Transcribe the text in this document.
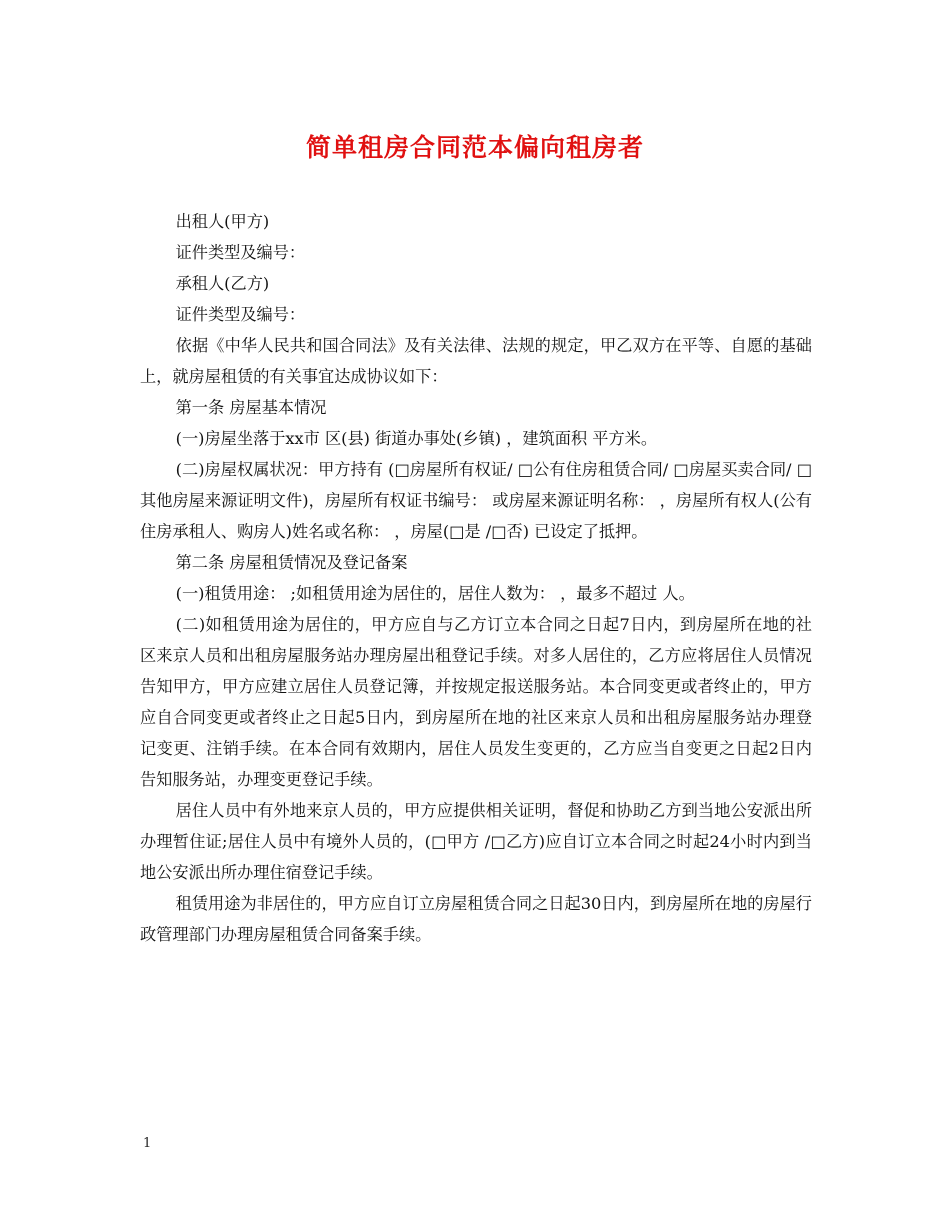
简单租房合同范本偏向租房者

出租人(甲方)

证件类型及编号：

承租人(乙方)

证件类型及编号：

依据《中华人民共和国合同法》及有关法律、法规的规定，甲乙双方在平等、自愿的基础上，就房屋租赁的有关事宜达成协议如下：

第一条 房屋基本情况

(一)房屋坐落于xx市 区(县) 街道办事处(乡镇) ，建筑面积 平方米。

(二)房屋权属状况：甲方持有 (□房屋所有权证/ □公有住房租赁合同/ □房屋买卖合同/ □其他房屋来源证明文件)，房屋所有权证书编号： 或房屋来源证明名称： ，房屋所有权人(公有住房承租人、购房人)姓名或名称： ，房屋(□是 /□否) 已设定了抵押。

第二条 房屋租赁情况及登记备案

(一)租赁用途： ;如租赁用途为居住的，居住人数为： ，最多不超过 人。

(二)如租赁用途为居住的，甲方应自与乙方订立本合同之日起7日内，到房屋所在地的社区来京人员和出租房屋服务站办理房屋出租登记手续。对多人居住的，乙方应将居住人员情况告知甲方，甲方应建立居住人员登记簿，并按规定报送服务站。本合同变更或者终止的，甲方应自合同变更或者终止之日起5日内，到房屋所在地的社区来京人员和出租房屋服务站办理登记变更、注销手续。在本合同有效期内，居住人员发生变更的，乙方应当自变更之日起2日内告知服务站，办理变更登记手续。

居住人员中有外地来京人员的，甲方应提供相关证明，督促和协助乙方到当地公安派出所办理暂住证;居住人员中有境外人员的，(□甲方 /□乙方)应自订立本合同之时起24小时内到当地公安派出所办理住宿登记手续。

租赁用途为非居住的，甲方应自订立房屋租赁合同之日起30日内，到房屋所在地的房屋行政管理部门办理房屋租赁合同备案手续。

1
